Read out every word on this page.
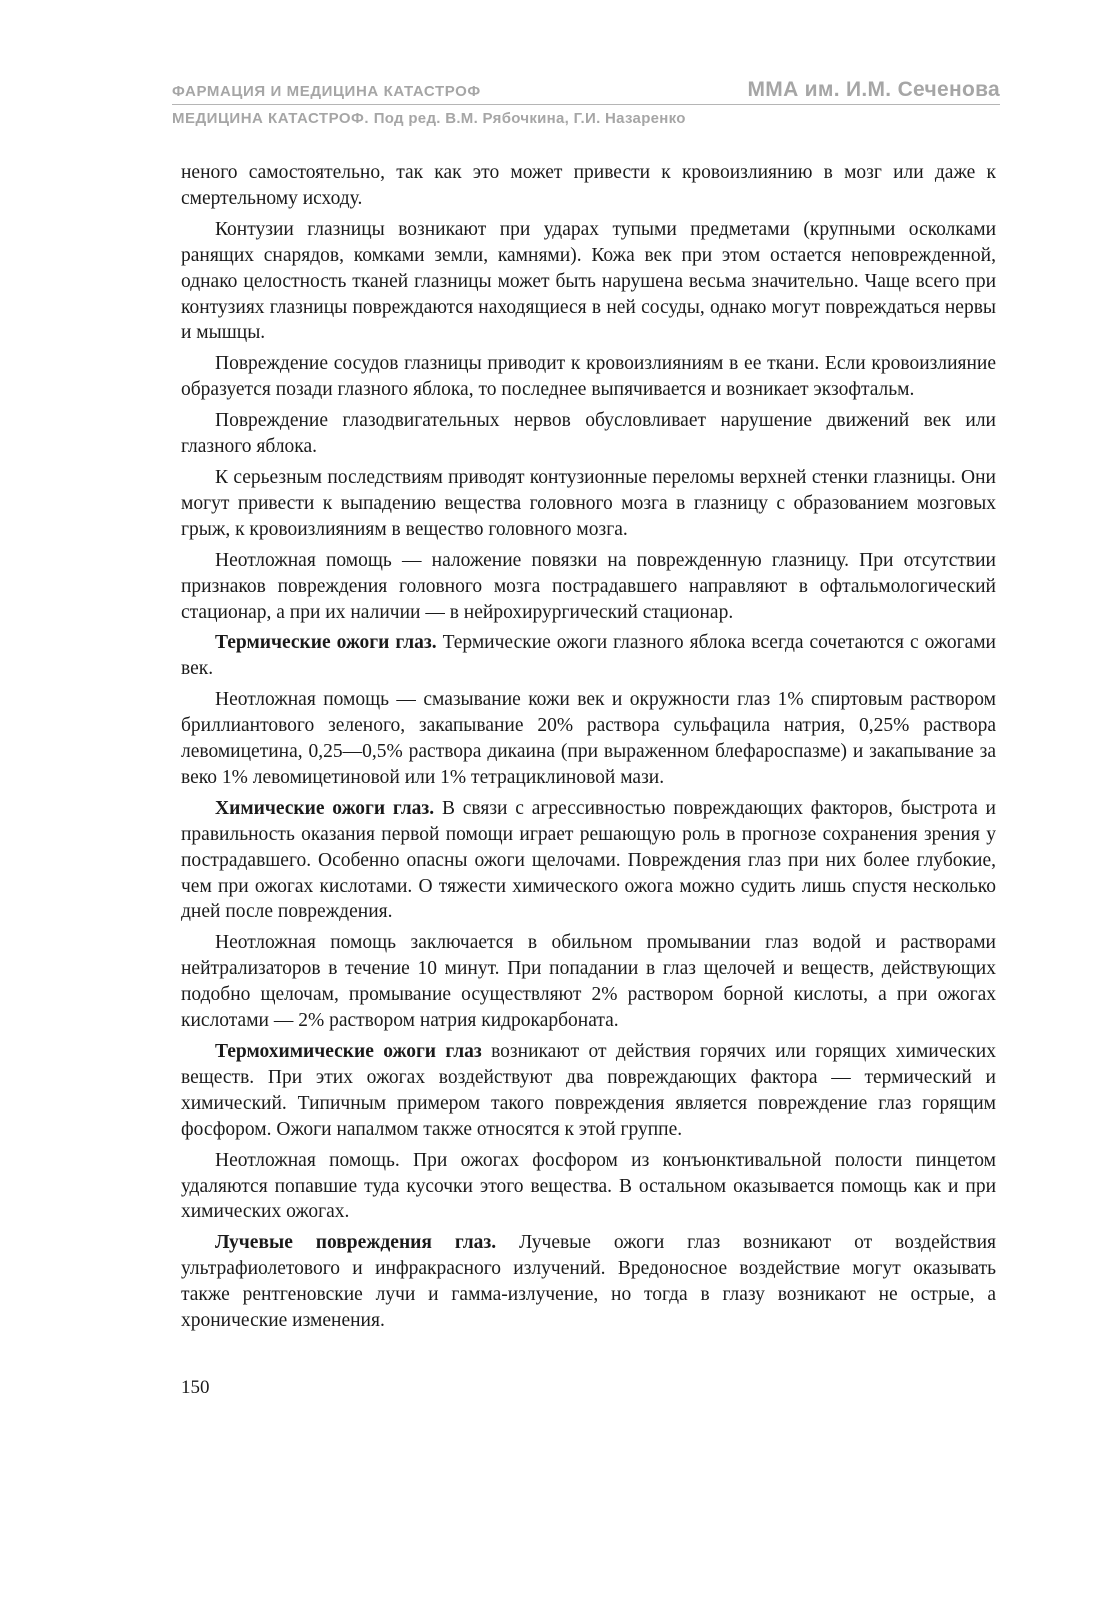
ФАРМАЦИЯ И МЕДИЦИНА КАТАСТРОФ	ММА им. И.М. Сеченова
МЕДИЦИНА КАТАСТРОФ. Под ред. В.М. Рябочкина, Г.И. Назаренко

неного самостоятельно, так как это может привести к кровоизлиянию в мозг или даже к смертельному исходу.

Контузии глазницы возникают при ударах тупыми предметами (крупными осколками ранящих снарядов, комками земли, камнями). Кожа век при этом остается неповрежденной, однако целостность тканей глазницы может быть нарушена весьма значительно. Чаще всего при контузиях глазницы повреждаются находящиеся в ней сосуды, однако могут повреждаться нервы и мышцы.

Повреждение сосудов глазницы приводит к кровоизлияниям в ее ткани. Если кровоизлияние образуется позади глазного яблока, то последнее выпячивается и возникает экзофтальм.

Повреждение глазодвигательных нервов обусловливает нарушение движений век или глазного яблока.

К серьезным последствиям приводят контузионные переломы верхней стенки глазницы. Они могут привести к выпадению вещества головного мозга в глазницу с образованием мозговых грыж, к кровоизлияниям в вещество головного мозга.

Неотложная помощь — наложение повязки на поврежденную глазницу. При отсутствии признаков повреждения головного мозга пострадавшего направляют в офтальмологический стационар, а при их наличии — в нейрохирургический стационар.

Термические ожоги глаз. Термические ожоги глазного яблока всегда сочетаются с ожогами век.

Неотложная помощь — смазывание кожи век и окружности глаз 1% спиртовым раствором бриллиантового зеленого, закапывание 20% раствора сульфацила натрия, 0,25% раствора левомицетина, 0,25—0,5% раствора дикаина (при выраженном блефароспазме) и закапывание за веко 1% левомицетиновой или 1% тетрациклиновой мази.

Химические ожоги глаз. В связи с агрессивностью повреждающих факторов, быстрота и правильность оказания первой помощи играет решающую роль в прогнозе сохранения зрения у пострадавшего. Особенно опасны ожоги щелочами. Повреждения глаз при них более глубокие, чем при ожогах кислотами. О тяжести химического ожога можно судить лишь спустя несколько дней после повреждения.

Неотложная помощь заключается в обильном промывании глаз водой и растворами нейтрализаторов в течение 10 минут. При попадании в глаз щелочей и веществ, действующих подобно щелочам, промывание осуществляют 2% раствором борной кислоты, а при ожогах кислотами — 2% раствором натрия кидрокарбоната.

Термохимические ожоги глаз возникают от действия горячих или горящих химических веществ. При этих ожогах воздействуют два повреждающих фактора — термический и химический. Типичным примером такого повреждения является повреждение глаз горящим фосфором. Ожоги напалмом также относятся к этой группе.

Неотложная помощь. При ожогах фосфором из конъюнктивальной полости пинцетом удаляются попавшие туда кусочки этого вещества. В остальном оказывается помощь как и при химических ожогах.

Лучевые повреждения глаз. Лучевые ожоги глаз возникают от воздействия ультрафиолетового и инфракрасного излучений. Вредоносное воздействие могут оказывать также рентгеновские лучи и гамма-излучение, но тогда в глазу возникают не острые, а хронические изменения.

150
